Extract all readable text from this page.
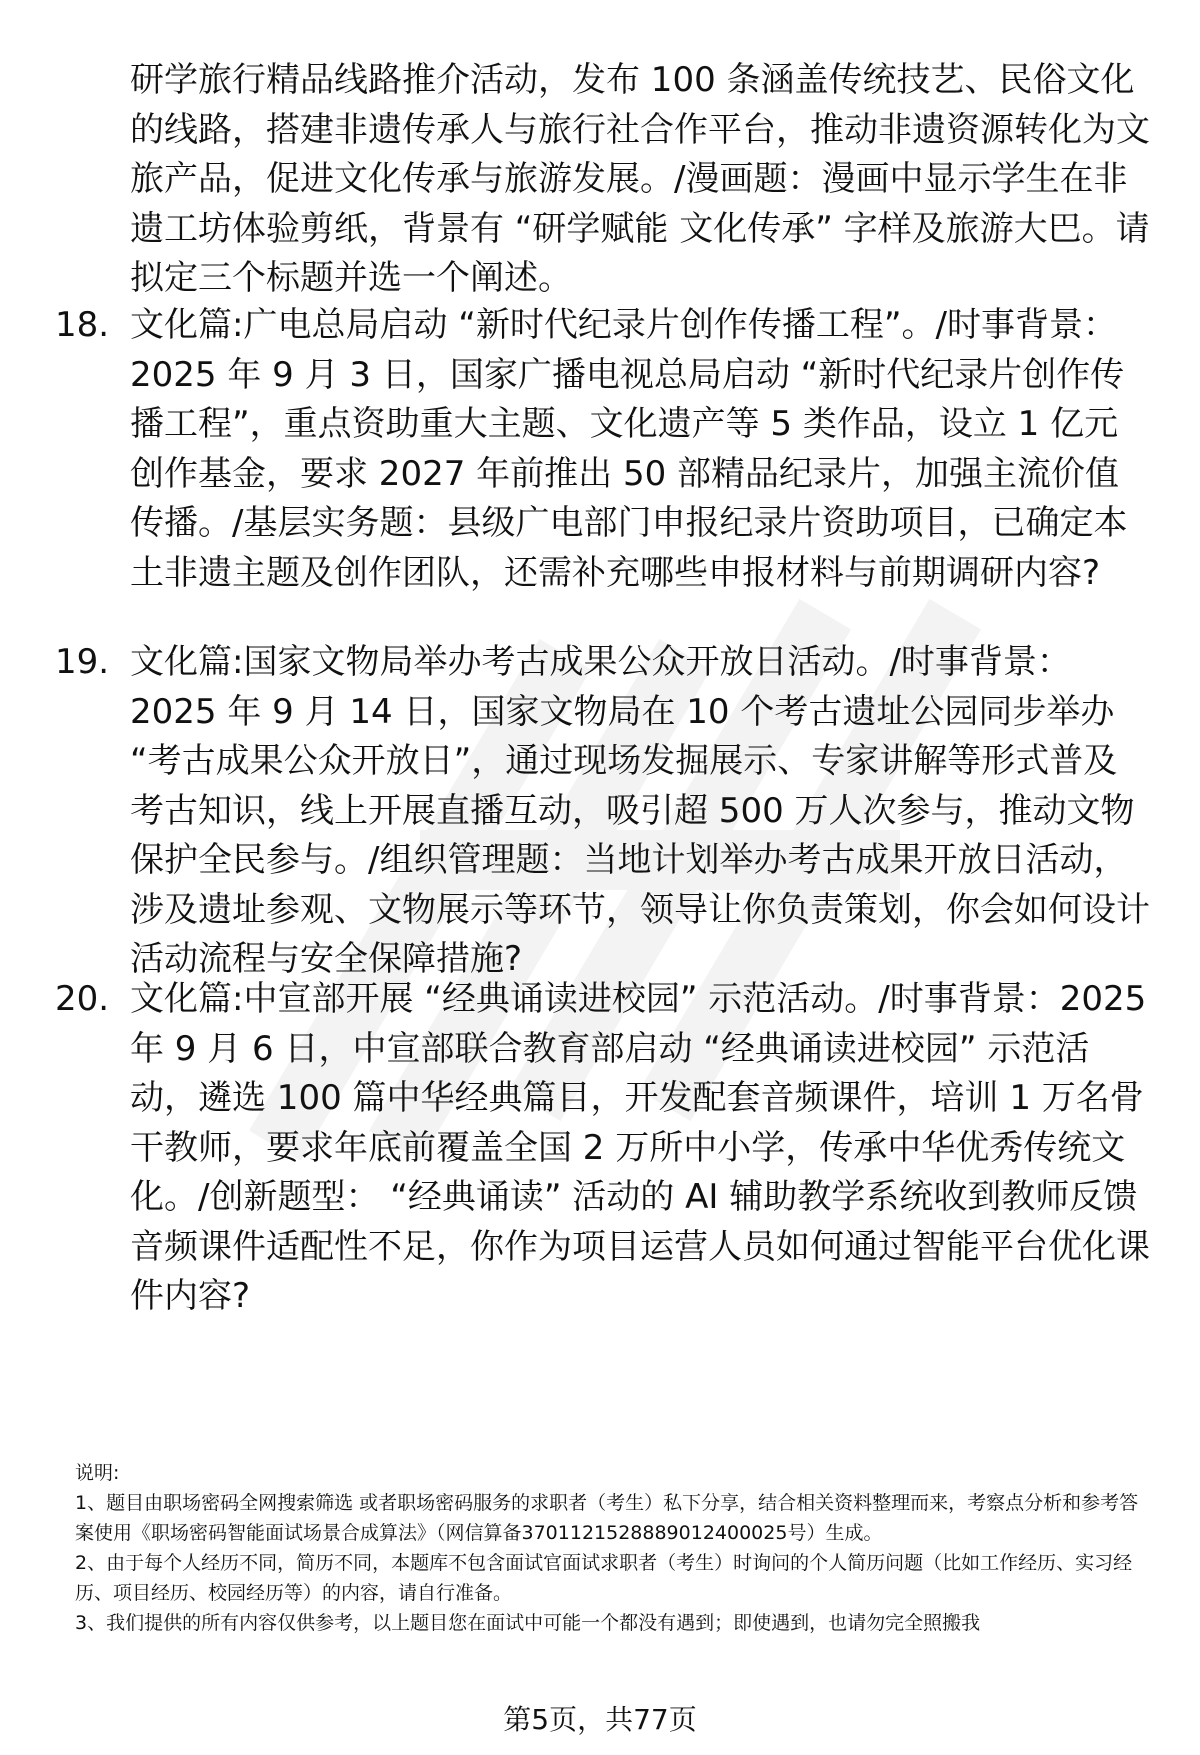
研学旅行精品线路推介活动，发布 100 条涵盖传统技艺、民俗文化的线路，搭建非遗传承人与旅行社合作平台，推动非遗资源转化为文旅产品，促进文化传承与旅游发展。/漫画题：漫画中显示学生在非遗工坊体验剪纸，背景有 “研学赋能 文化传承” 字样及旅游大巴。请拟定三个标题并选一个阐述。

18. 文化篇:广电总局启动 “新时代纪录片创作传播工程”。/时事背景：2025 年 9 月 3 日，国家广播电视总局启动 “新时代纪录片创作传播工程”，重点资助重大主题、文化遗产等 5 类作品，设立 1 亿元创作基金，要求 2027 年前推出 50 部精品纪录片，加强主流价值传播。/基层实务题：县级广电部门申报纪录片资助项目，已确定本土非遗主题及创作团队，还需补充哪些申报材料与前期调研内容?

19. 文化篇:国家文物局举办考古成果公众开放日活动。/时事背景：2025 年 9 月 14 日，国家文物局在 10 个考古遗址公园同步举办 “考古成果公众开放日”，通过现场发掘展示、专家讲解等形式普及考古知识，线上开展直播互动，吸引超 500 万人次参与，推动文物保护全民参与。/组织管理题：当地计划举办考古成果开放日活动，涉及遗址参观、文物展示等环节，领导让你负责策划，你会如何设计活动流程与安全保障措施?

20. 文化篇:中宣部开展 “经典诵读进校园” 示范活动。/时事背景：2025 年 9 月 6 日，中宣部联合教育部启动 “经典诵读进校园” 示范活动，遴选 100 篇中华经典篇目，开发配套音频课件，培训 1 万名骨干教师，要求年底前覆盖全国 2 万所中小学，传承中华优秀传统文化。/创新题型： “经典诵读” 活动的 AI 辅助教学系统收到教师反馈音频课件适配性不足，你作为项目运营人员如何通过智能平台优化课件内容?

说明:

1、题目由职场密码全网搜索筛选 或者职场密码服务的求职者（考生）私下分享，结合相关资料整理而来，考察点分析和参考答案使用《职场密码智能面试场景合成算法》（网信算备3701121528889012400025号）生成。

2、由于每个人经历不同，简历不同，本题库不包含面试官面试求职者（考生）时询问的个人简历问题（比如工作经历、实习经历、项目经历、校园经历等）的内容，请自行准备。

3、我们提供的所有内容仅供参考，以上题目您在面试中可能一个都没有遇到；即使遇到，也请勿完全照搬我

第5页，共77页
